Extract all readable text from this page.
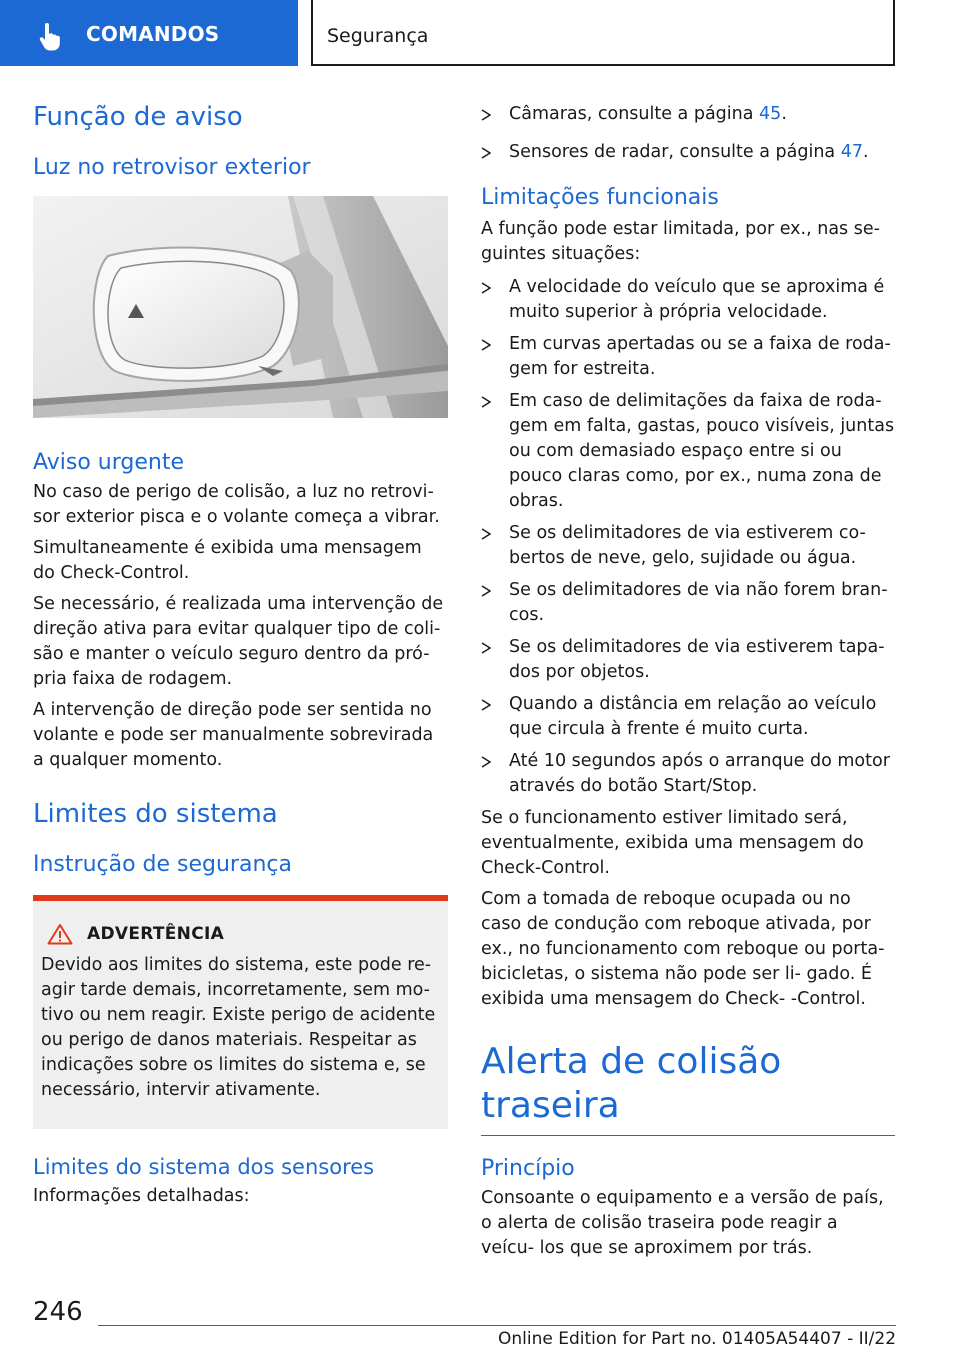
COMANDOS	Segurança
Função de aviso
Luz no retrovisor exterior
Aviso urgente

No caso de perigo de colisão, a luz no retrovi- sor exterior pisca e o volante começa a vibrar.

Simultaneamente é exibida uma mensagem do Check-Control.

Se necessário, é realizada uma intervenção de direção ativa para evitar qualquer tipo de coli- são e manter o veículo seguro dentro da pró- pria faixa de rodagem.

A intervenção de direção pode ser sentida no volante e pode ser manualmente sobrevirada a qualquer momento.

Limites do sistema
Instrução de segurança
ADVERTÊNCIA

Devido aos limites do sistema, este pode re- agir tarde demais, incorretamente, sem mo- tivo ou nem reagir. Existe perigo de acidente ou perigo de danos materiais. Respeitar as indicações sobre os limites do sistema e, se necessário, intervir ativamente.

Limites do sistema dos sensores

Informações detalhadas:

Câmaras, consulte a página 45.
Sensores de radar, consulte a página 47.
Limitações funcionais

A função pode estar limitada, por ex., nas se- guintes situações:

A velocidade do veículo que se aproxima é muito superior à própria velocidade.
Em curvas apertadas ou se a faixa de roda- gem for estreita.
Em caso de delimitações da faixa de roda- gem em falta, gastas, pouco visíveis, juntas ou com demasiado espaço entre si ou pouco claras como, por ex., numa zona de obras.
Se os delimitadores de via estiverem co- bertos de neve, gelo, sujidade ou água.
Se os delimitadores de via não forem bran- cos.
Se os delimitadores de via estiverem tapa- dos por objetos.
Quando a distância em relação ao veículo que circula à frente é muito curta.
Até 10 segundos após o arranque do motor através do botão Start/Stop.

Se o funcionamento estiver limitado será, eventualmente, exibida uma mensagem do Check-Control.

Com a tomada de reboque ocupada ou no caso de condução com reboque ativada, por ex., no funcionamento com reboque ou porta-bicicletas, o sistema não pode ser li- gado. É exibida uma mensagem do Check- -Control.

Alerta de colisão traseira
Princípio

Consoante o equipamento e a versão de país, o alerta de colisão traseira pode reagir a veícu- los que se aproximem por trás.

246
Online Edition for Part no. 01405A54407 - II/22
